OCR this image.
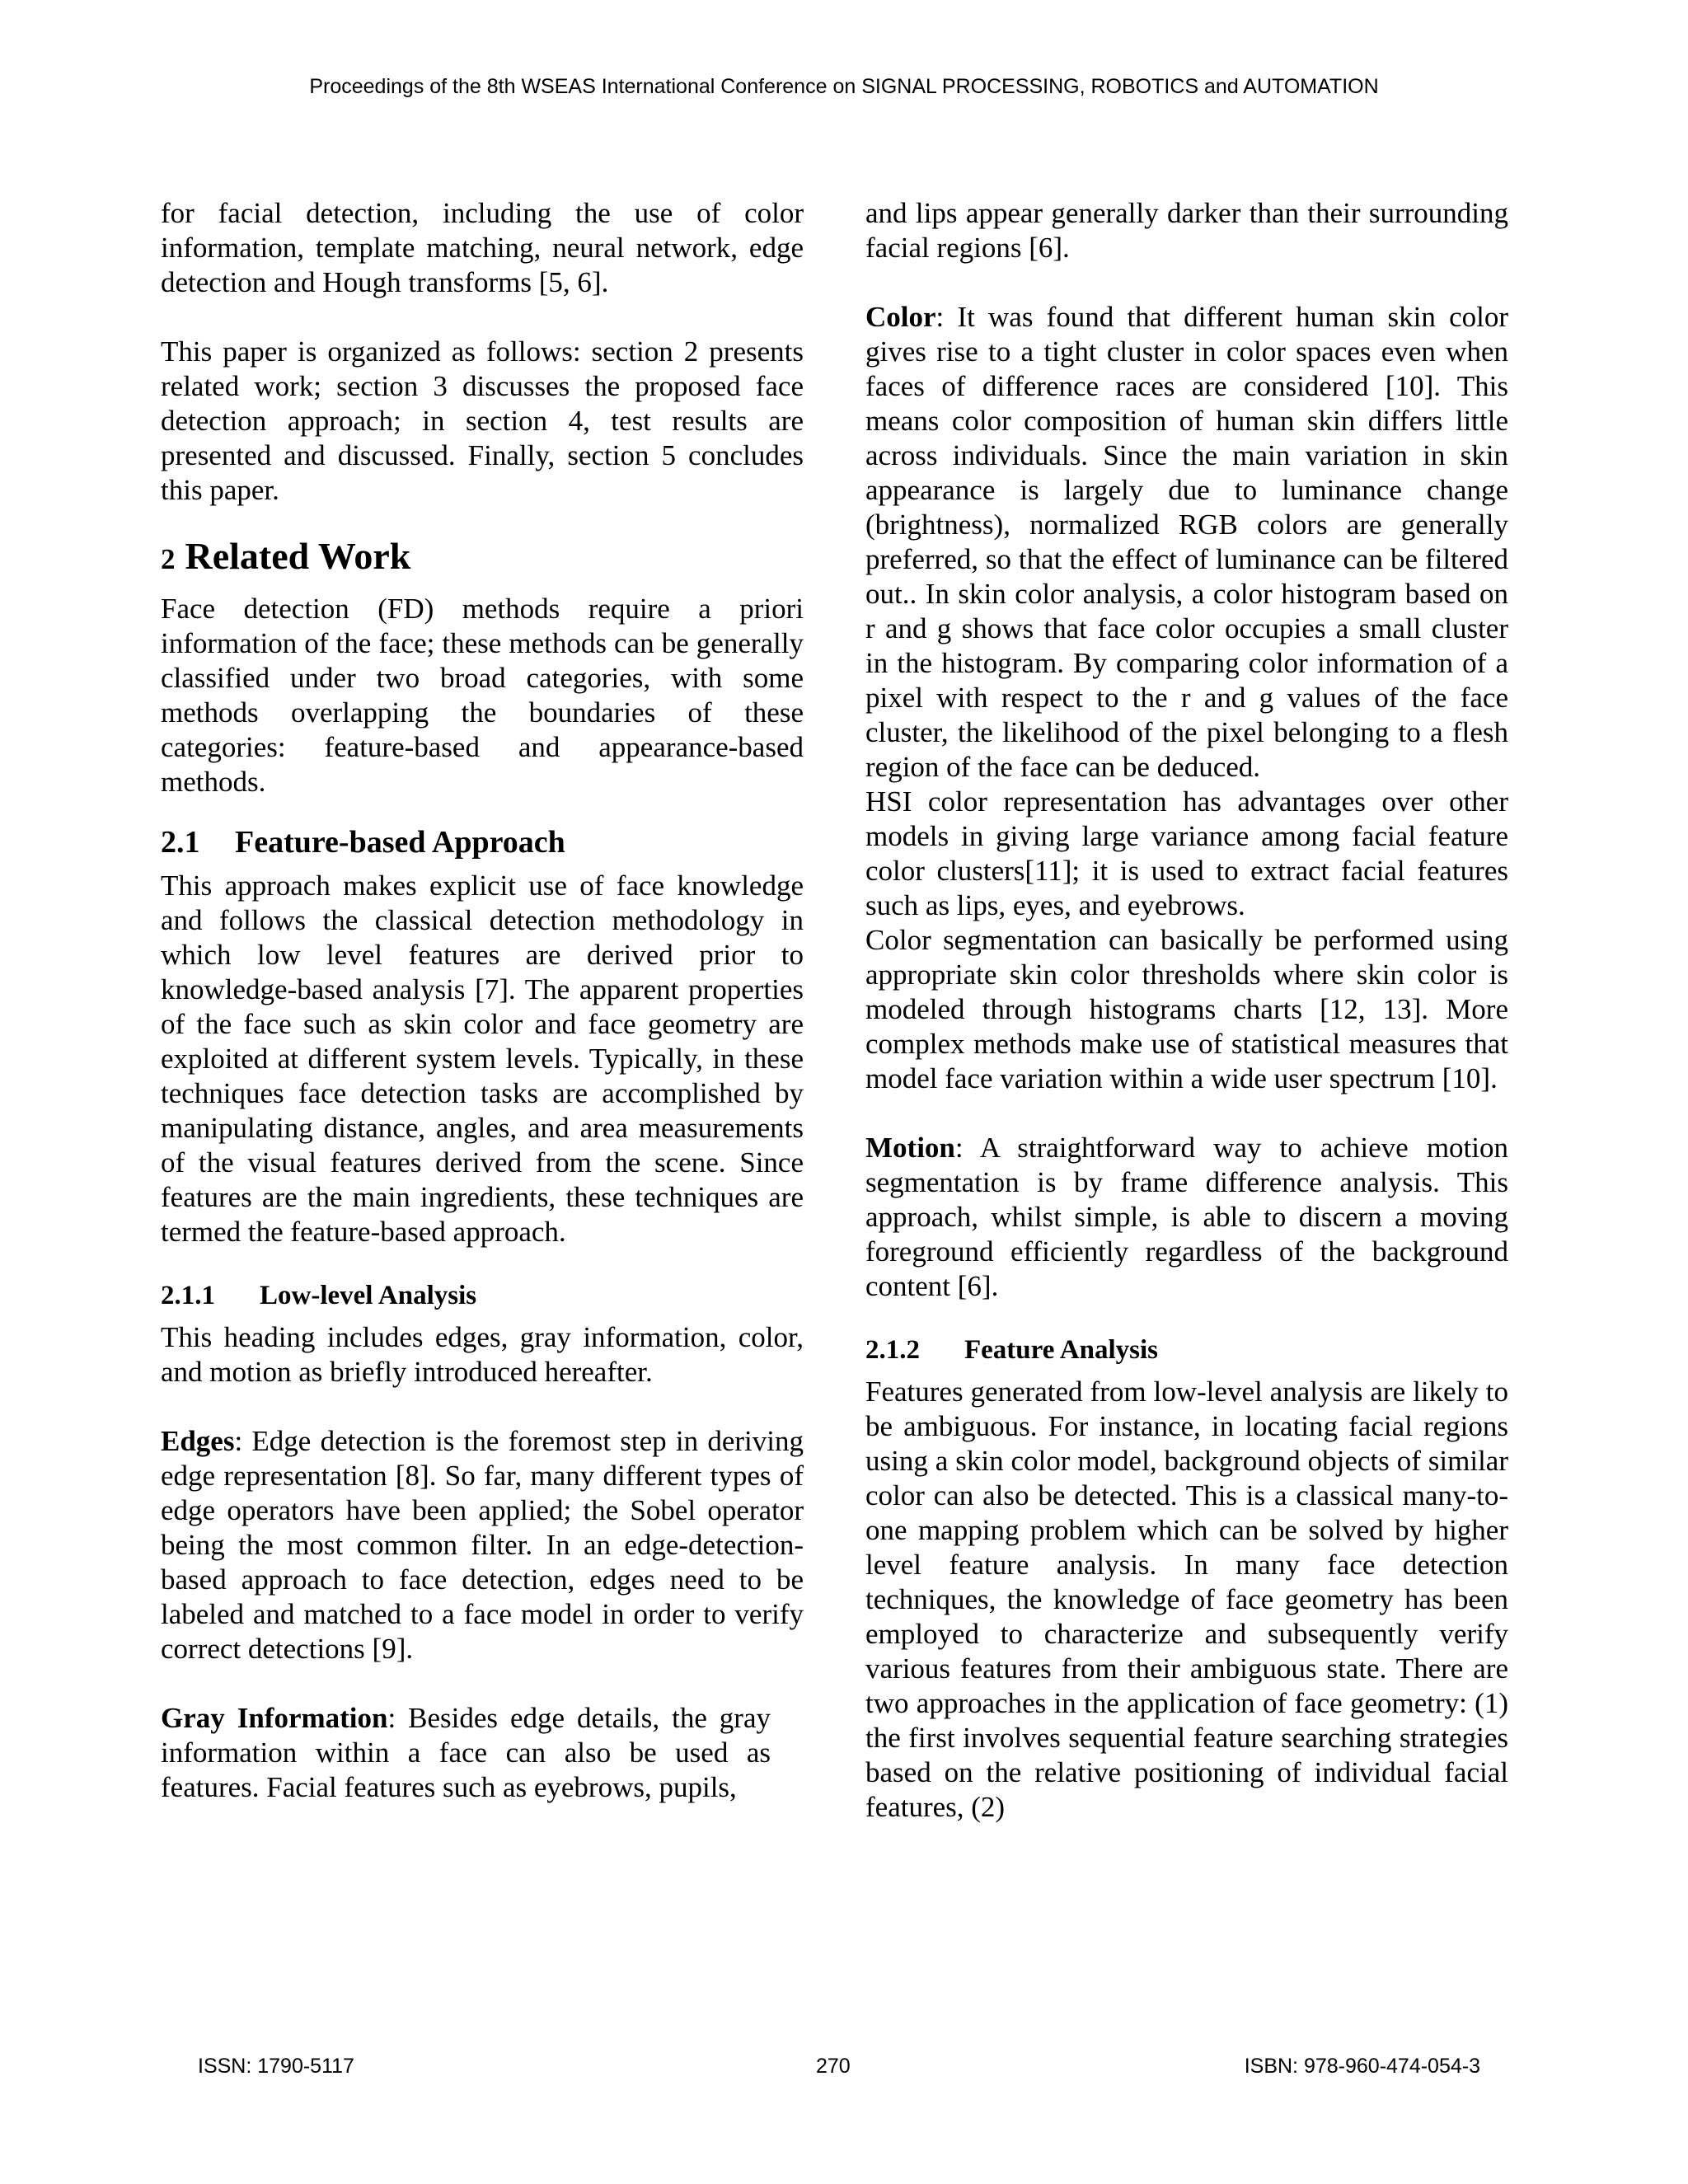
Proceedings of the 8th WSEAS International Conference on SIGNAL PROCESSING, ROBOTICS and AUTOMATION

for facial detection, including the use of color information, template matching, neural network, edge detection and Hough transforms [5, 6].

This paper is organized as follows: section 2 presents related work; section 3 discusses the proposed face detection approach; in section 4, test results are presented and discussed. Finally, section 5 concludes this paper.

2 Related Work

Face detection (FD) methods require a priori information of the face; these methods can be generally classified under two broad categories, with some methods overlapping the boundaries of these categories: feature-based and appearance-based methods.

2.1 Feature-based Approach

This approach makes explicit use of face knowledge and follows the classical detection methodology in which low level features are derived prior to knowledge-based analysis [7]. The apparent properties of the face such as skin color and face geometry are exploited at different system levels. Typically, in these techniques face detection tasks are accomplished by manipulating distance, angles, and area measurements of the visual features derived from the scene. Since features are the main ingredients, these techniques are termed the feature-based approach.

2.1.1 Low-level Analysis

This heading includes edges, gray information, color, and motion as briefly introduced hereafter.

Edges: Edge detection is the foremost step in deriving edge representation [8]. So far, many different types of edge operators have been applied; the Sobel operator being the most common filter. In an edge-detection-based approach to face detection, edges need to be labeled and matched to a face model in order to verify correct detections [9].

Gray Information: Besides edge details, the gray information within a face can also be used as features. Facial features such as eyebrows, pupils,

and lips appear generally darker than their surrounding facial regions [6].

Color: It was found that different human skin color gives rise to a tight cluster in color spaces even when faces of difference races are considered [10]. This means color composition of human skin differs little across individuals. Since the main variation in skin appearance is largely due to luminance change (brightness), normalized RGB colors are generally preferred, so that the effect of luminance can be filtered out.. In skin color analysis, a color histogram based on r and g shows that face color occupies a small cluster in the histogram. By comparing color information of a pixel with respect to the r and g values of the face cluster, the likelihood of the pixel belonging to a flesh region of the face can be deduced.

HSI color representation has advantages over other models in giving large variance among facial feature color clusters[11]; it is used to extract facial features such as lips, eyes, and eyebrows.

Color segmentation can basically be performed using appropriate skin color thresholds where skin color is modeled through histograms charts [12, 13]. More complex methods make use of statistical measures that model face variation within a wide user spectrum [10].

Motion: A straightforward way to achieve motion segmentation is by frame difference analysis. This approach, whilst simple, is able to discern a moving foreground efficiently regardless of the background content [6].

2.1.2 Feature Analysis

Features generated from low-level analysis are likely to be ambiguous. For instance, in locating facial regions using a skin color model, background objects of similar color can also be detected. This is a classical many-to-one mapping problem which can be solved by higher level feature analysis. In many face detection techniques, the knowledge of face geometry has been employed to characterize and subsequently verify various features from their ambiguous state. There are two approaches in the application of face geometry: (1) the first involves sequential feature searching strategies based on the relative positioning of individual facial features, (2)

ISSN: 1790-5117	270	ISBN: 978-960-474-054-3
